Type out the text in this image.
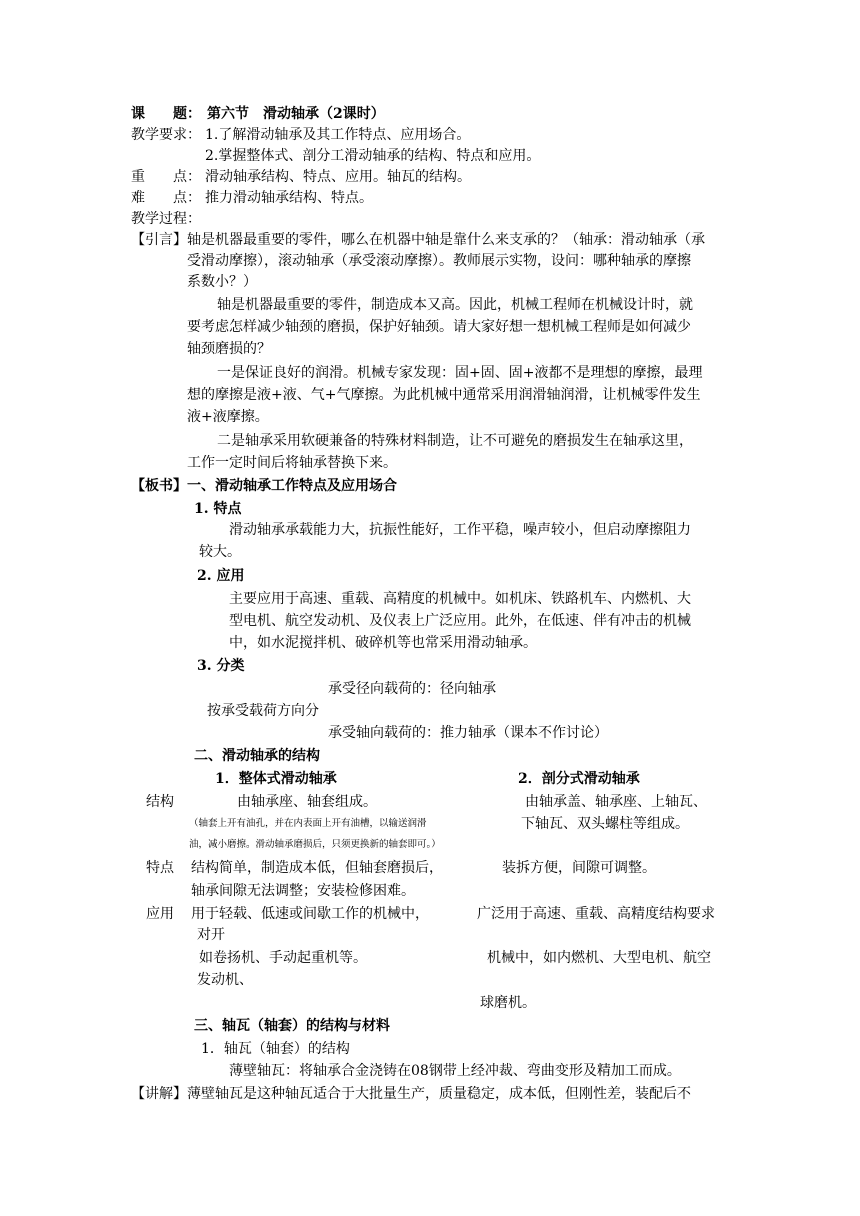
课　　题： 第六节　滑动轴承（2课时）
教学要求： 1.了解滑动轴承及其工作特点、应用场合。
2.掌握整体式、剖分工滑动轴承的结构、特点和应用。
重　　点： 滑动轴承结构、特点、应用。轴瓦的结构。
难　　点： 推力滑动轴承结构、特点。
教学过程：
【引言】 轴是机器最重要的零件，哪么在机器中轴是靠什么来支承的？（轴承：滑动轴承（承
受滑动摩擦），滚动轴承（承受滚动摩擦）。教师展示实物，设问：哪种轴承的摩擦
系数小？）
轴是机器最重要的零件，制造成本又高。因此，机械工程师在机械设计时，就
要考虑怎样减少轴颈的磨损，保护好轴颈。请大家好想一想机械工程师是如何减少
轴颈磨损的？
一是保证良好的润滑。机械专家发现：固+固、固+液都不是理想的摩擦，最理
想的摩擦是液+液、气+气摩擦。为此机械中通常采用润滑轴润滑，让机械零件发生
液+液摩擦。
二是轴承采用软硬兼备的特殊材料制造，让不可避免的磨损发生在轴承这里，
工作一定时间后将轴承替换下来。
【板书】 一、滑动轴承工作特点及应用场合
1. 特点
滑动轴承承载能力大，抗振性能好，工作平稳，噪声较小，但启动摩擦阻力
较大。
2. 应用
主要应用于高速、重载、高精度的机械中。如机床、铁路机车、内燃机、大
型电机、航空发动机、及仪表上广泛应用。此外，在低速、伴有冲击的机械
中，如水泥搅拌机、破碎机等也常采用滑动轴承。
3. 分类
承受径向载荷的：径向轴承
按承受载荷方向分
承受轴向载荷的：推力轴承（课本不作讨论）
二、滑动轴承的结构
1．整体式滑动轴承	2．剖分式滑动轴承
结构	由轴承座、轴套组成。	由轴承盖、轴承座、上轴瓦、
（轴套上开有油孔，并在内表面上开有油槽，以输送润滑	下轴瓦、双头螺柱等组成。
油，减小磨擦。滑动轴承磨损后，只须更换新的轴套即可。）
特点 结构简单，制造成本低，但轴套磨损后，	装拆方便，间隙可调整。
轴承间隙无法调整；安装检修困难。
应用 用于轻载、低速或间歇工作的机械中，	广泛用于高速、重载、高精度结构要求
对开
如卷扬机、手动起重机等。	机械中，如内燃机、大型电机、航空
发动机、
球磨机。
三、轴瓦（轴套）的结构与材料
1．轴瓦（轴套）的结构
薄壁轴瓦：将轴承合金浇铸在08钢带上经冲裁、弯曲变形及精加工而成。
【讲解】 薄壁轴瓦是这种轴瓦适合于大批量生产，质量稳定，成本低，但刚性差，装配后不
